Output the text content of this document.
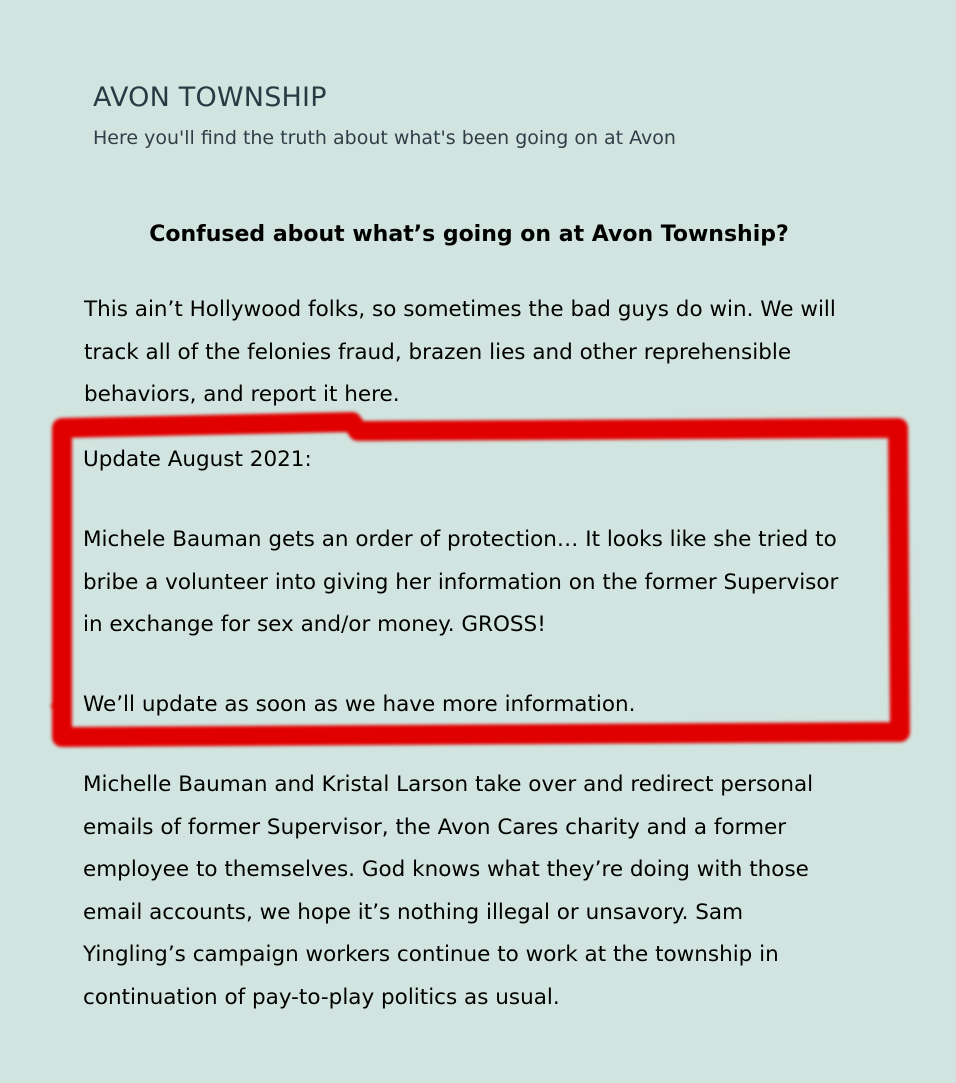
AVON TOWNSHIP
Here you'll find the truth about what's been going on at Avon
Confused about what’s going on at Avon Township?

This ain’t Hollywood folks, so sometimes the bad guys do win. We will track all of the felonies fraud, brazen lies and other reprehensible behaviors, and report it here.

Update August 2021:

Michele Bauman gets an order of protection… It looks like she tried to bribe a volunteer into giving her information on the former Supervisor in exchange for sex and/or money. GROSS!

We’ll update as soon as we have more information.

Michelle Bauman and Kristal Larson take over and redirect personal emails of former Supervisor, the Avon Cares charity and a former employee to themselves. God knows what they’re doing with those email accounts, we hope it’s nothing illegal or unsavory. Sam Yingling’s campaign workers continue to work at the township in continuation of pay-to-play politics as usual.
